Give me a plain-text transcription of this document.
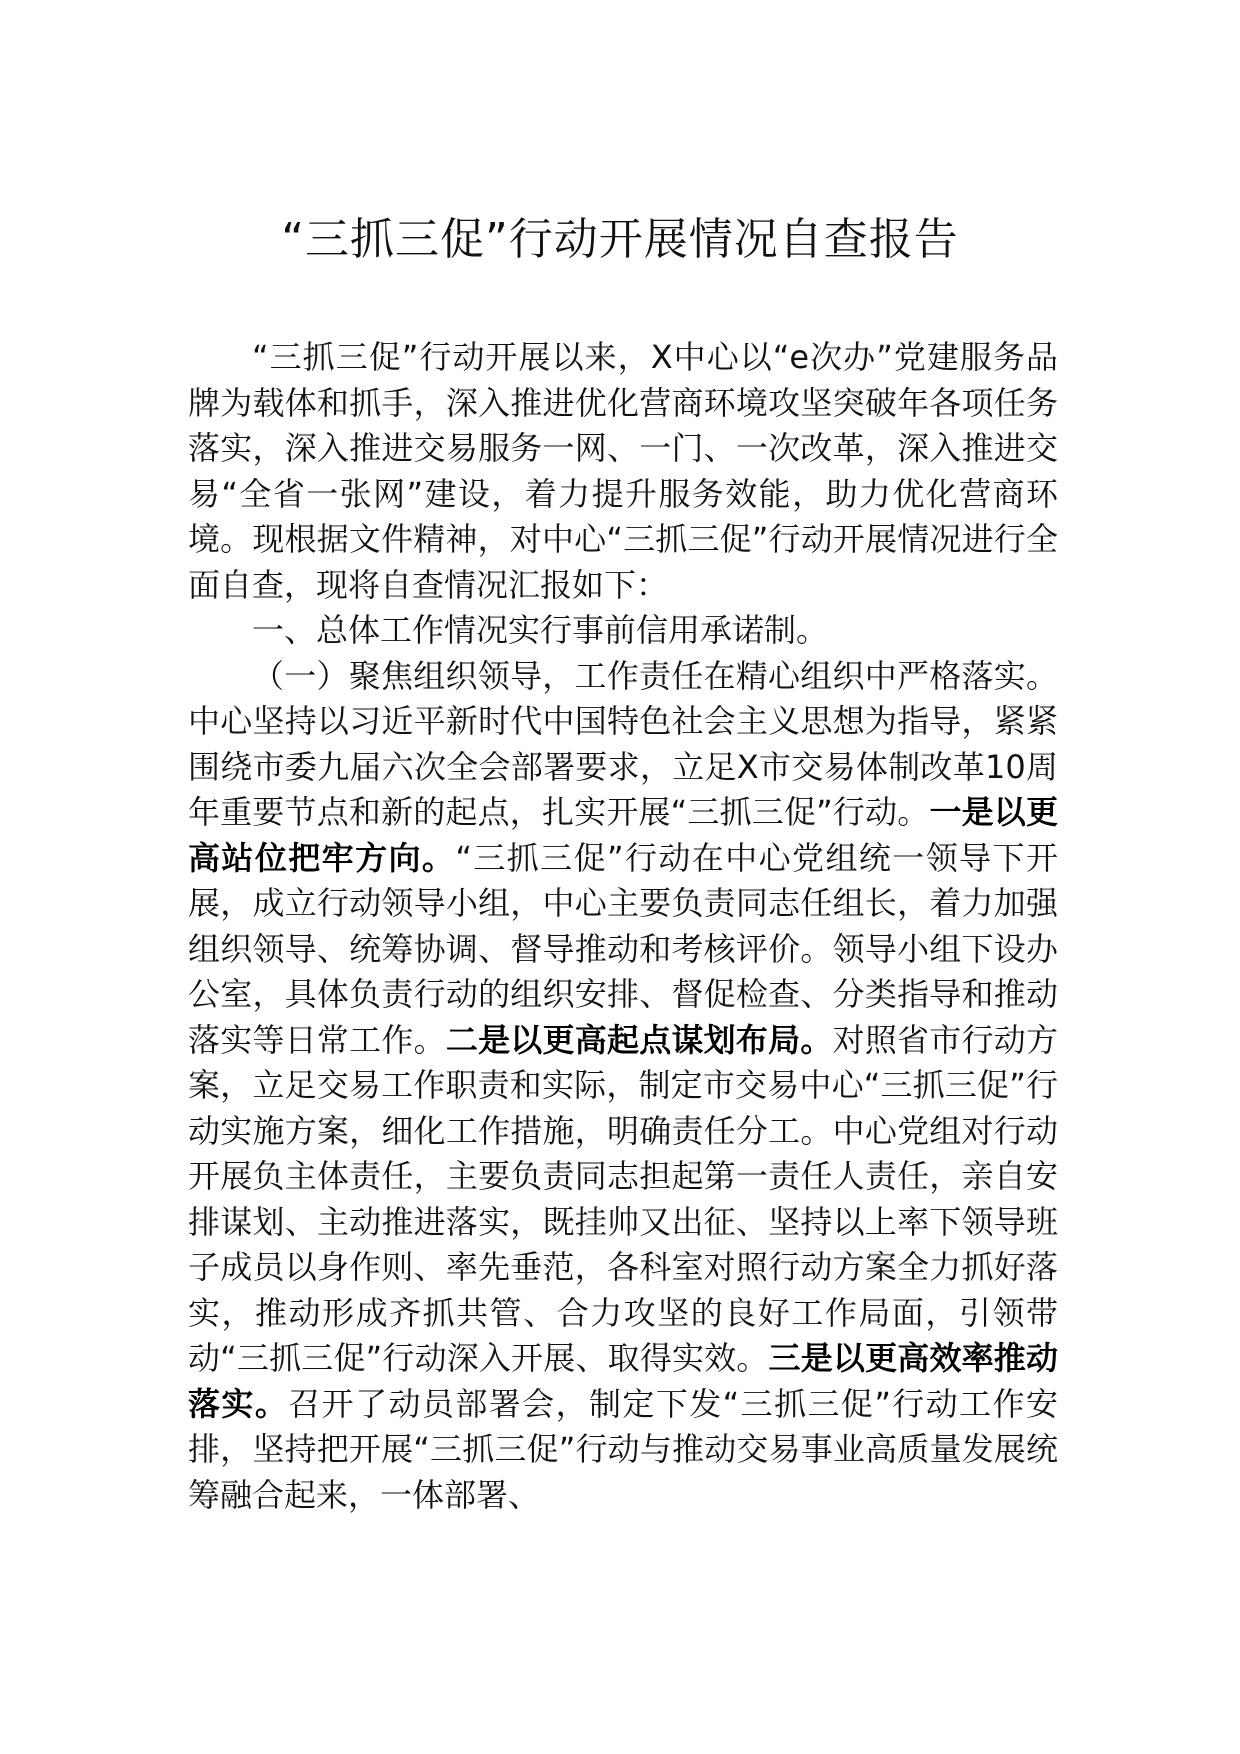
“三抓三促”行动开展情况自查报告

“三抓三促”行动开展以来，X中心以“e次办”党建服务品牌为载体和抓手，深入推进优化营商环境攻坚突破年各项任务落实，深入推进交易服务一网、一门、一次改革，深入推进交易“全省一张网”建设，着力提升服务效能，助力优化营商环境。现根据文件精神，对中心“三抓三促”行动开展情况进行全面自查，现将自查情况汇报如下：

一、总体工作情况实行事前信用承诺制。

（一）聚焦组织领导，工作责任在精心组织中严格落实。中心坚持以习近平新时代中国特色社会主义思想为指导，紧紧围绕市委九届六次全会部署要求，立足X市交易体制改革10周年重要节点和新的起点，扎实开展“三抓三促”行动。一是以更高站位把牢方向。“三抓三促”行动在中心党组统一领导下开展，成立行动领导小组，中心主要负责同志任组长，着力加强组织领导、统筹协调、督导推动和考核评价。领导小组下设办公室，具体负责行动的组织安排、督促检查、分类指导和推动落实等日常工作。二是以更高起点谋划布局。对照省市行动方案，立足交易工作职责和实际，制定市交易中心“三抓三促”行动实施方案，细化工作措施，明确责任分工。中心党组对行动开展负主体责任，主要负责同志担起第一责任人责任，亲自安排谋划、主动推进落实，既挂帅又出征、坚持以上率下领导班子成员以身作则、率先垂范，各科室对照行动方案全力抓好落实，推动形成齐抓共管、合力攻坚的良好工作局面，引领带动“三抓三促”行动深入开展、取得实效。三是以更高效率推动落实。召开了动员部署会，制定下发“三抓三促”行动工作安排，坚持把开展“三抓三促”行动与推动交易事业高质量发展统筹融合起来，一体部署、
